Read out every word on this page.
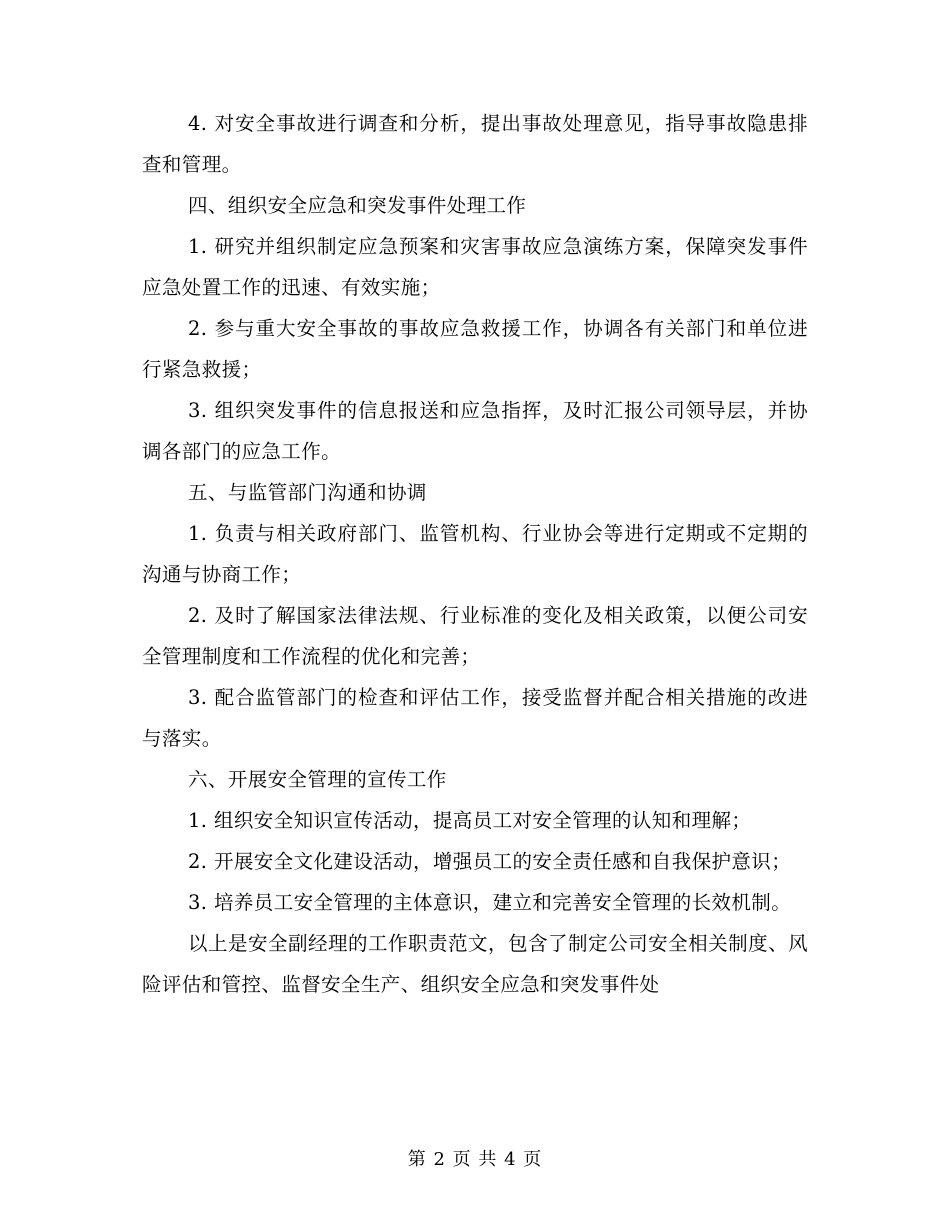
4. 对安全事故进行调查和分析，提出事故处理意见，指导事故隐患排查和管理。

四、组织安全应急和突发事件处理工作

1. 研究并组织制定应急预案和灾害事故应急演练方案，保障突发事件应急处置工作的迅速、有效实施；

2. 参与重大安全事故的事故应急救援工作，协调各有关部门和单位进行紧急救援；

3. 组织突发事件的信息报送和应急指挥，及时汇报公司领导层，并协调各部门的应急工作。

五、与监管部门沟通和协调

1. 负责与相关政府部门、监管机构、行业协会等进行定期或不定期的沟通与协商工作；

2. 及时了解国家法律法规、行业标准的变化及相关政策，以便公司安全管理制度和工作流程的优化和完善；

3. 配合监管部门的检查和评估工作，接受监督并配合相关措施的改进与落实。

六、开展安全管理的宣传工作

1. 组织安全知识宣传活动，提高员工对安全管理的认知和理解；

2. 开展安全文化建设活动，增强员工的安全责任感和自我保护意识；

3. 培养员工安全管理的主体意识，建立和完善安全管理的长效机制。

以上是安全副经理的工作职责范文，包含了制定公司安全相关制度、风险评估和管控、监督安全生产、组织安全应急和突发事件处

第 2 页 共 4 页
